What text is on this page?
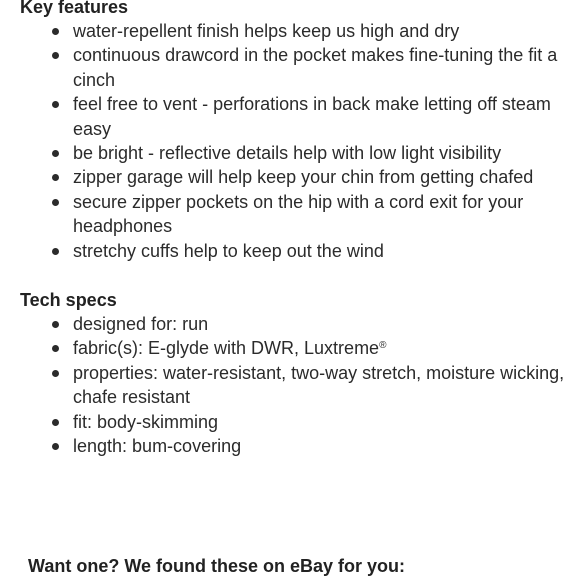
Key features
water-repellent finish helps keep us high and dry
continuous drawcord in the pocket makes fine-tuning the fit a cinch
feel free to vent - perforations in back make letting off steam easy
be bright - reflective details help with low light visibility
zipper garage will help keep your chin from getting chafed
secure zipper pockets on the hip with a cord exit for your headphones
stretchy cuffs help to keep out the wind
Tech specs
designed for: run
fabric(s): E-glyde with DWR, Luxtreme®
properties: water-resistant, two-way stretch, moisture wicking, chafe resistant
fit: body-skimming
length: bum-covering
Want one? We found these on eBay for you:
